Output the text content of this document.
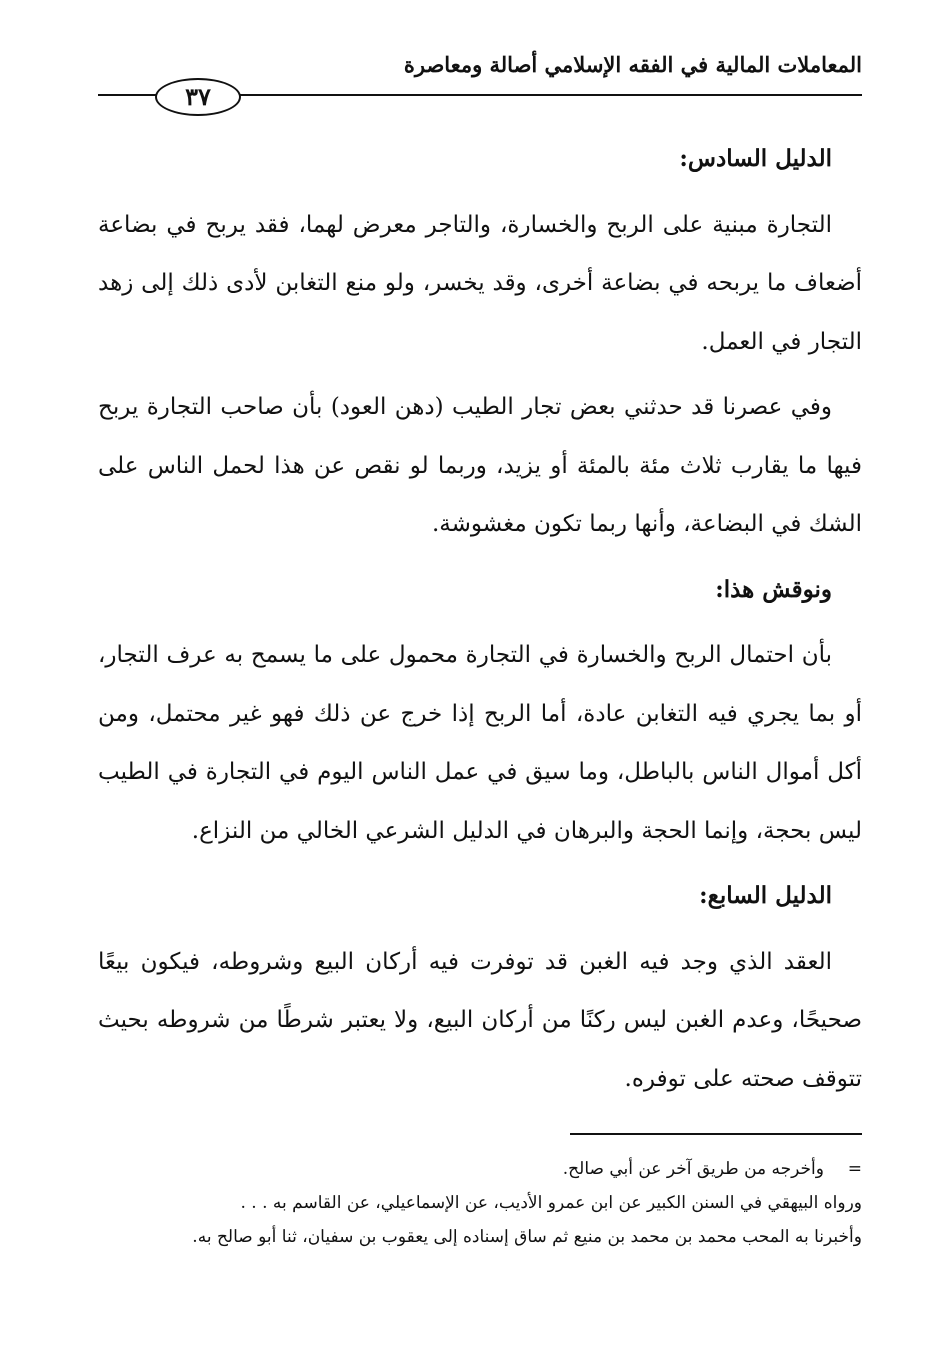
المعاملات المالية في الفقه الإسلامي أصالة ومعاصرة
٣٧

الدليل السادس:

التجارة مبنية على الربح والخسارة، والتاجر معرض لهما، فقد يربح في بضاعة أضعاف ما يربحه في بضاعة أخرى، وقد يخسر، ولو منع التغابن لأدى ذلك إلى زهد التجار في العمل.

وفي عصرنا قد حدثني بعض تجار الطيب (دهن العود) بأن صاحب التجارة يربح فيها ما يقارب ثلاث مئة بالمئة أو يزيد، وربما لو نقص عن هذا لحمل الناس على الشك في البضاعة، وأنها ربما تكون مغشوشة.

ونوقش هذا:

بأن احتمال الربح والخسارة في التجارة محمول على ما يسمح به عرف التجار، أو بما يجري فيه التغابن عادة، أما الربح إذا خرج عن ذلك فهو غير محتمل، ومن أكل أموال الناس بالباطل، وما سيق في عمل الناس اليوم في التجارة في الطيب ليس بحجة، وإنما الحجة والبرهان في الدليل الشرعي الخالي من النزاع.

الدليل السابع:

العقد الذي وجد فيه الغبن قد توفرت فيه أركان البيع وشروطه، فيكون بيعًا صحيحًا، وعدم الغبن ليس ركنًا من أركان البيع، ولا يعتبر شرطًا من شروطه بحيث تتوقف صحته على توفره.

=
وأخرجه من طريق آخر عن أبي صالح.

ورواه البيهقي في السنن الكبير عن ابن عمرو الأديب، عن الإسماعيلي، عن القاسم به . . .

وأخبرنا به المحب محمد بن محمد بن منيع ثم ساق إسناده إلى يعقوب بن سفيان، ثنا أبو صالح به.
